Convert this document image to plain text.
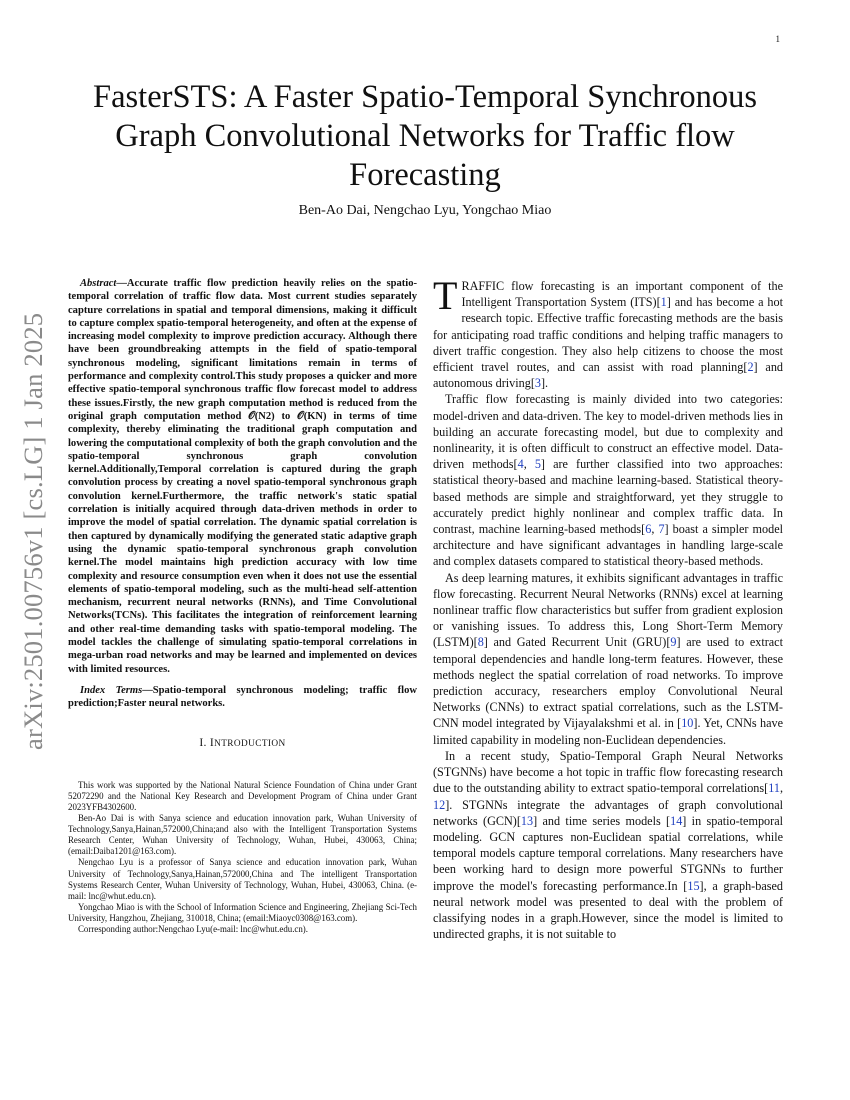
1
arXiv:2501.00756v1 [cs.LG] 1 Jan 2025
FasterSTS: A Faster Spatio-Temporal Synchronous Graph Convolutional Networks for Traffic flow Forecasting
Ben-Ao Dai, Nengchao Lyu, Yongchao Miao

Abstract—Accurate traffic flow prediction heavily relies on the spatio-temporal correlation of traffic flow data. Most current studies separately capture correlations in spatial and temporal dimensions, making it difficult to capture complex spatio-temporal heterogeneity, and often at the expense of increasing model complexity to improve prediction accuracy. Although there have been groundbreaking attempts in the field of spatio-temporal synchronous modeling, significant limitations remain in terms of performance and complexity control.This study proposes a quicker and more effective spatio-temporal synchronous traffic flow forecast model to address these issues.Firstly, the new graph computation method is reduced from the original graph computation method 𝒪(N2) to 𝒪(KN) in terms of time complexity, thereby eliminating the traditional graph computation and lowering the computational complexity of both the graph convolution and the spatio-temporal synchronous graph convolution kernel.Additionally,Temporal correlation is captured during the graph convolution process by creating a novel spatio-temporal synchronous graph convolution kernel.Furthermore, the traffic network's static spatial correlation is initially acquired through data-driven methods in order to improve the model of spatial correlation. The dynamic spatial correlation is then captured by dynamically modifying the generated static adaptive graph using the dynamic spatio-temporal synchronous graph convolution kernel.The model maintains high prediction accuracy with low time complexity and resource consumption even when it does not use the essential elements of spatio-temporal modeling, such as the multi-head self-attention mechanism, recurrent neural networks (RNNs), and Time Convolutional Networks(TCNs). This facilitates the integration of reinforcement learning and other real-time demanding tasks with spatio-temporal modeling. The model tackles the challenge of simulating spatio-temporal correlations in mega-urban road networks and may be learned and implemented on devices with limited resources.

Index Terms—Spatio-temporal synchronous modeling; traffic flow prediction;Faster neural networks.

I. INTRODUCTION

This work was supported by the National Natural Science Foundation of China under Grant 52072290 and the National Key Research and Development Program of China under Grant 2023YFB4302600.

Ben-Ao Dai is with Sanya science and education innovation park, Wuhan University of Technology,Sanya,Hainan,572000,China;and also with the Intelligent Transportation Systems Research Center, Wuhan University of Technology, Wuhan, Hubei, 430063, China; (email:Daiba1201@163.com).

Nengchao Lyu is a professor of Sanya science and education innovation park, Wuhan University of Technology,Sanya,Hainan,572000,China and The intelligent Transportation Systems Research Center, Wuhan University of Technology, Wuhan, Hubei, 430063, China. (e-mail: lnc@whut.edu.cn).

Yongchao Miao is with the School of Information Science and Engineering, Zhejiang Sci-Tech University, Hangzhou, Zhejiang, 310018, China; (email:Miaoyc0308@163.com).

Corresponding author:Nengchao Lyu(e-mail: lnc@whut.edu.cn).

TRAFFIC flow forecasting is an important component of the Intelligent Transportation System (ITS)[1] and has become a hot research topic. Effective traffic forecasting methods are the basis for anticipating road traffic conditions and helping traffic managers to divert traffic congestion. They also help citizens to choose the most efficient travel routes, and can assist with road planning[2] and autonomous driving[3].

Traffic flow forecasting is mainly divided into two categories: model-driven and data-driven. The key to model-driven methods lies in building an accurate forecasting model, but due to complexity and nonlinearity, it is often difficult to construct an effective model. Data-driven methods[4, 5] are further classified into two approaches: statistical theory-based and machine learning-based. Statistical theory-based methods are simple and straightforward, yet they struggle to accurately predict highly nonlinear and complex traffic data. In contrast, machine learning-based methods[6, 7] boast a simpler model architecture and have significant advantages in handling large-scale and complex datasets compared to statistical theory-based methods.

As deep learning matures, it exhibits significant advantages in traffic flow forecasting. Recurrent Neural Networks (RNNs) excel at learning nonlinear traffic flow characteristics but suffer from gradient explosion or vanishing issues. To address this, Long Short-Term Memory (LSTM)[8] and Gated Recurrent Unit (GRU)[9] are used to extract temporal dependencies and handle long-term features. However, these methods neglect the spatial correlation of road networks. To improve prediction accuracy, researchers employ Convolutional Neural Networks (CNNs) to extract spatial correlations, such as the LSTM-CNN model integrated by Vijayalakshmi et al. in [10]. Yet, CNNs have limited capability in modeling non-Euclidean dependencies.

In a recent study, Spatio-Temporal Graph Neural Networks (STGNNs) have become a hot topic in traffic flow forecasting research due to the outstanding ability to extract spatio-temporal correlations[11, 12]. STGNNs integrate the advantages of graph convolutional networks (GCN)[13] and time series models [14] in spatio-temporal modeling. GCN captures non-Euclidean spatial correlations, while temporal models capture temporal correlations. Many researchers have been working hard to design more powerful STGNNs to further improve the model's forecasting performance.In [15], a graph-based neural network model was presented to deal with the problem of classifying nodes in a graph.However, since the model is limited to undirected graphs, it is not suitable to
